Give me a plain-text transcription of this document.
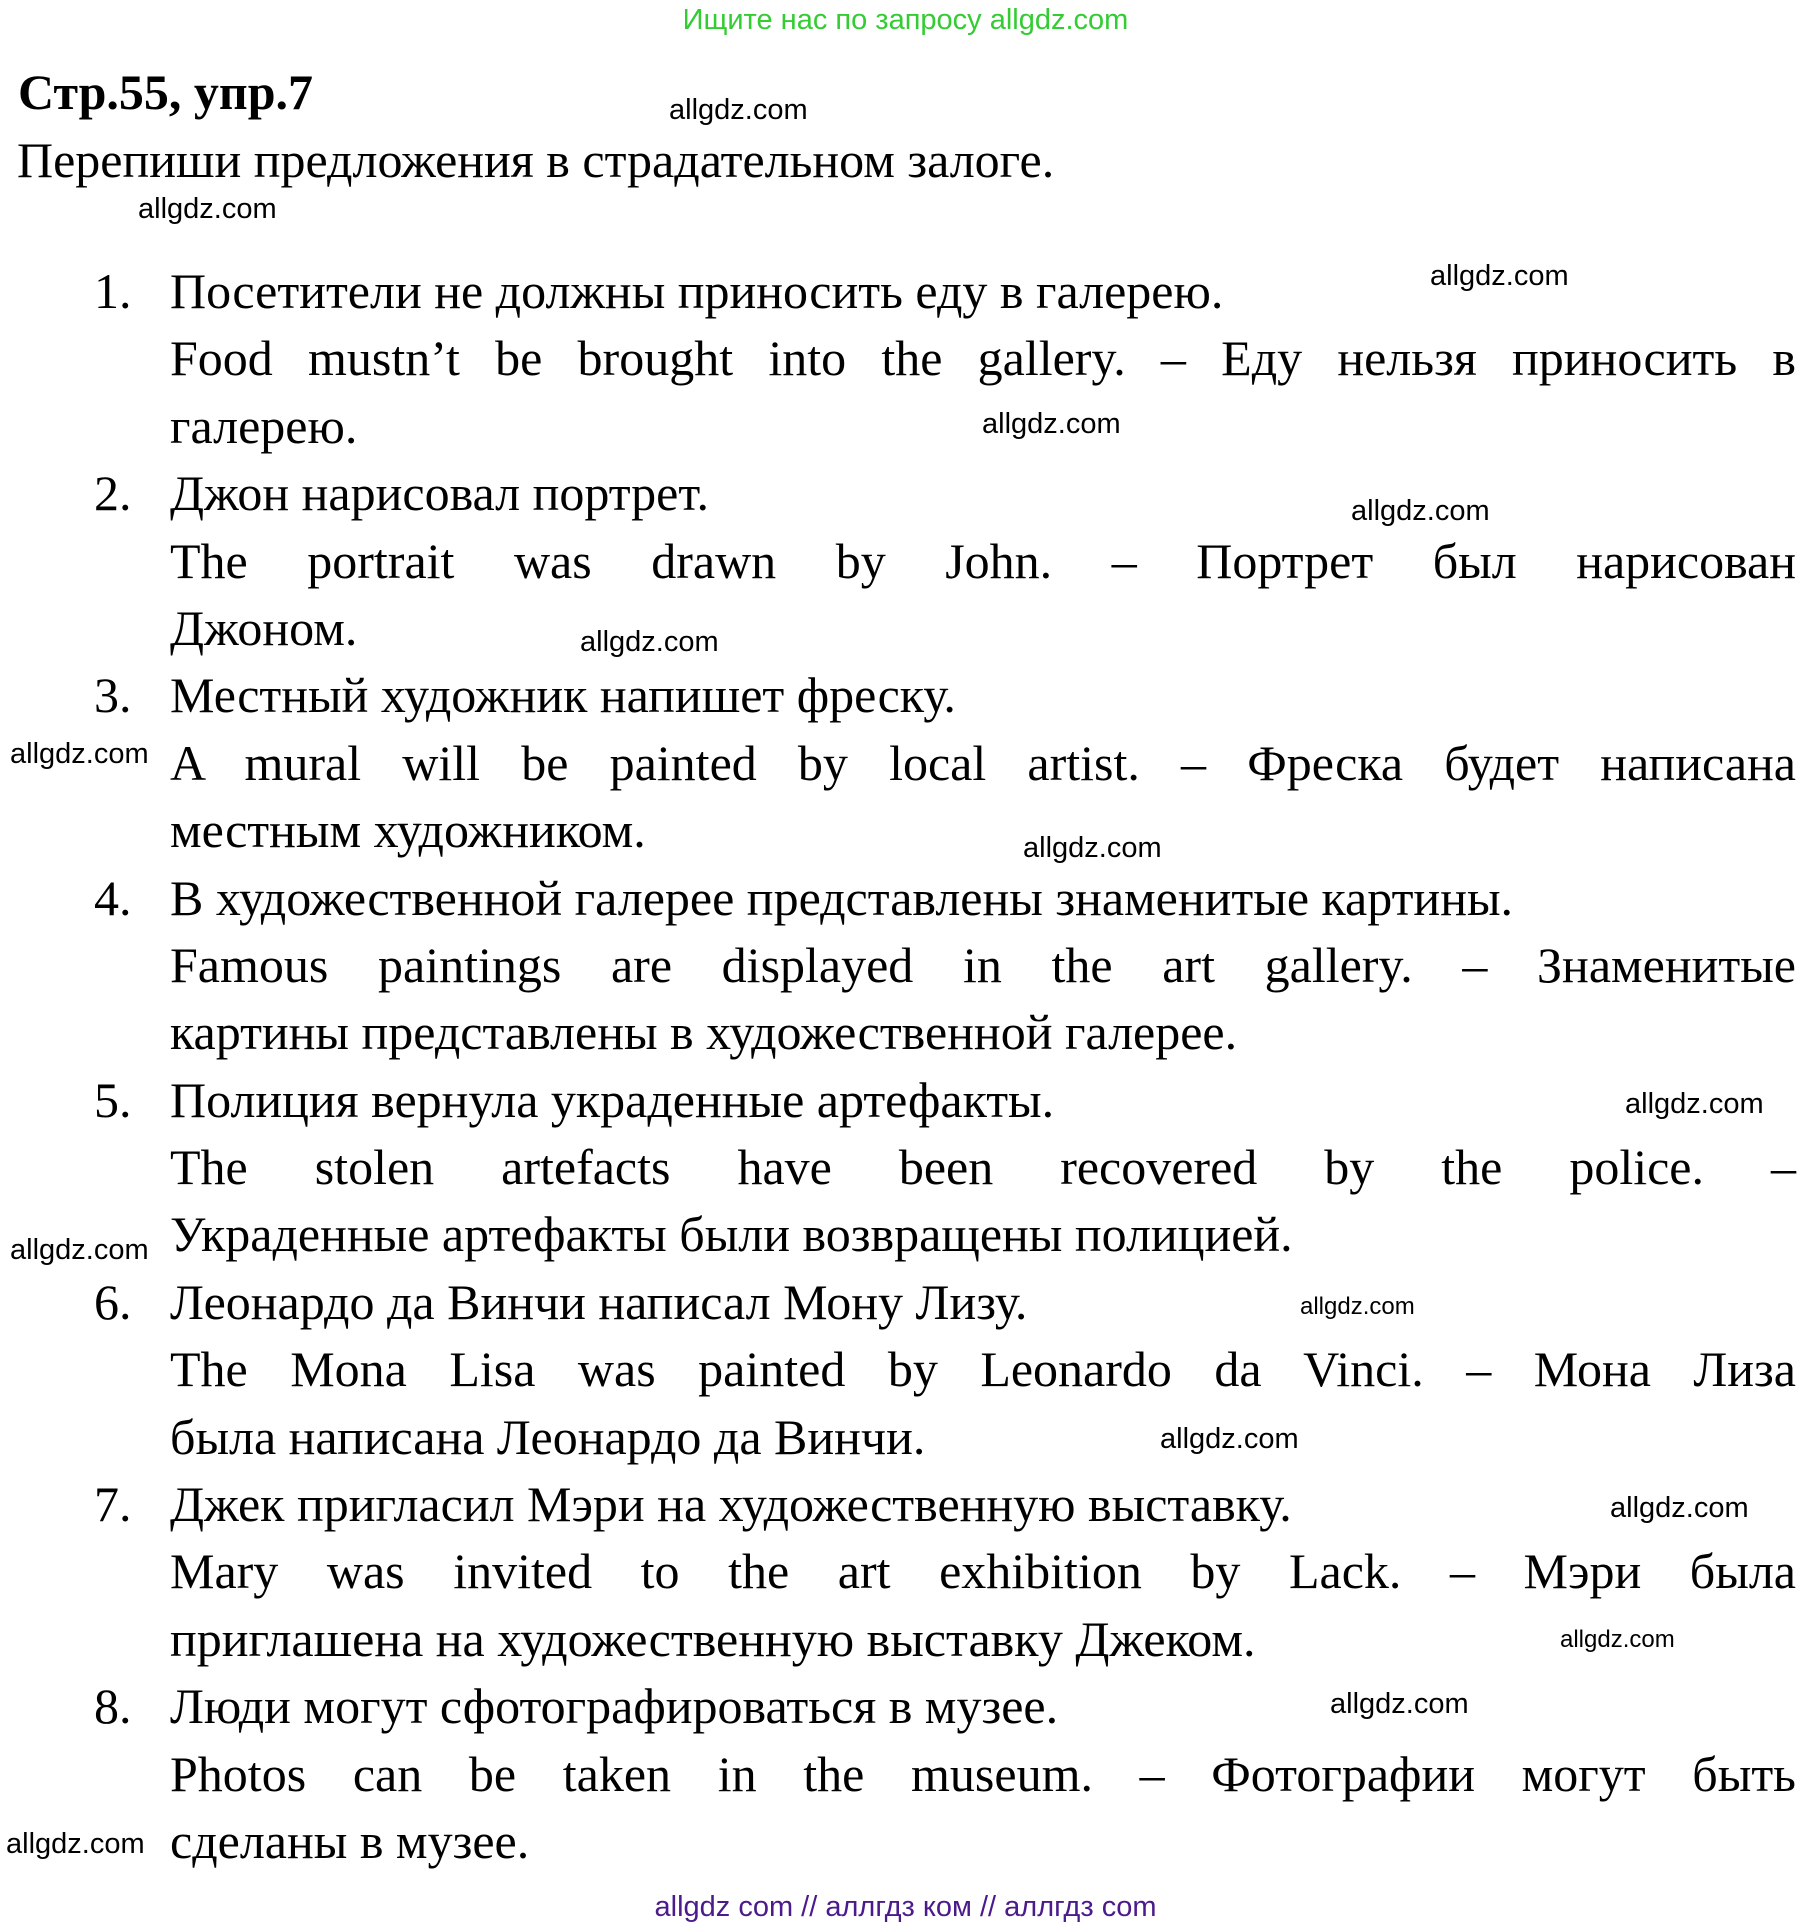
Ищите нас по запросу allgdz.com
Стр.55, упр.7
Перепиши предложения в страдательном залоге.
1. Посетители не должны приносить еду в галерею.
Food mustn’t be brought into the gallery. – Еду нельзя приносить в
галерею.
2. Джон нарисовал портрет.
The portrait was drawn by John. – Портрет был нарисован
Джоном.
3. Местный художник напишет фреску.
A mural will be painted by local artist. – Фреска будет написана
местным художником.
4. В художественной галерее представлены знаменитые картины.
Famous paintings are displayed in the art gallery. – Знаменитые
картины представлены в художественной галерее.
5. Полиция вернула украденные артефакты.
The stolen artefacts have been recovered by the police. –
Украденные артефакты были возвращены полицией.
6. Леонардо да Винчи написал Мону Лизу.
The Mona Lisa was painted by Leonardo da Vinci. – Мона Лиза
была написана Леонардо да Винчи.
7. Джек пригласил Мэри на художественную выставку.
Mary was invited to the art exhibition by Lack. – Мэри была
приглашена на художественную выставку Джеком.
8. Люди могут сфотографироваться в музее.
Photos can be taken in the museum. – Фотографии могут быть
сделаны в музее.
allgdz.com
allgdz.com
allgdz.com
allgdz.com
allgdz.com
allgdz.com
allgdz.com
allgdz.com
allgdz.com
allgdz.com
allgdz.com
allgdz.com
allgdz.com
allgdz.com
allgdz.com
allgdz.com
allgdz com // аллгдз ком // аллгдз com
